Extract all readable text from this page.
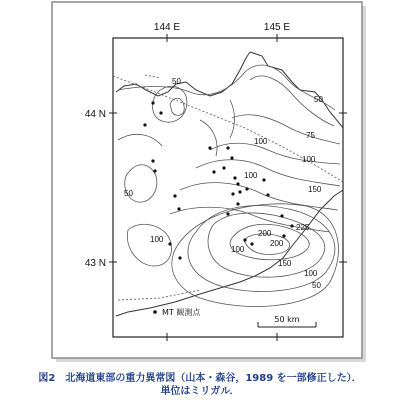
144 E	145 E
44 N
43 N
50
50
75
100
100
100
100
50	150
225
200
200
100
150
100
50
MT 観測点
50 km
図2　北海道東部の重力異常図（山本・森谷，1989 を一部修正した）．
単位はミリガル．
